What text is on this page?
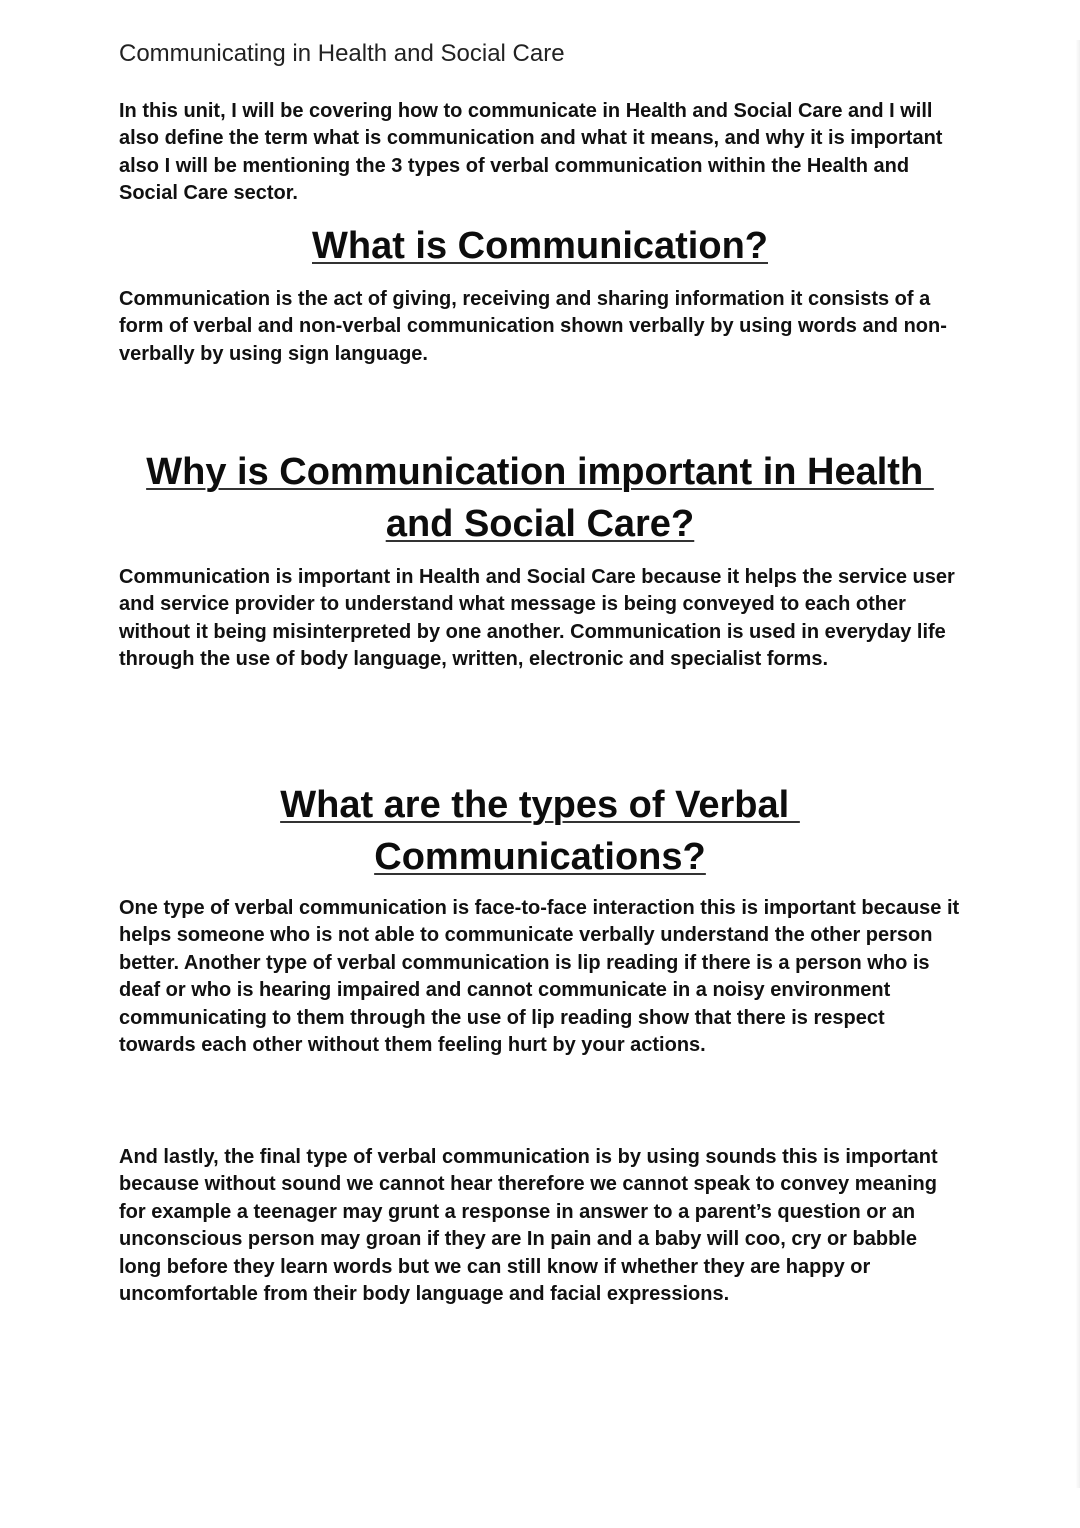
Communicating in Health and Social Care

In this unit, I will be covering how to communicate in Health and Social Care and I will also define the term what is communication and what it means, and why it is important also I will be mentioning the 3 types of verbal communication within the Health and Social Care sector.

What is Communication?

Communication is the act of giving, receiving and sharing information it consists of a form of verbal and non-verbal communication shown verbally by using words and non-verbally by using sign language.

Why is Communication important in Health
and Social Care?

Communication is important in Health and Social Care because it helps the service user and service provider to understand what message is being conveyed to each other without it being misinterpreted by one another. Communication is used in everyday life through the use of body language, written, electronic and specialist forms.

What are the types of Verbal
Communications?

One type of verbal communication is face-to-face interaction this is important because it helps someone who is not able to communicate verbally understand the other person better. Another type of verbal communication is lip reading if there is a person who is deaf or who is hearing impaired and cannot communicate in a noisy environment communicating to them through the use of lip reading show that there is respect towards each other without them feeling hurt by your actions.

And lastly, the final type of verbal communication is by using sounds this is important because without sound we cannot hear therefore we cannot speak to convey meaning for example a teenager may grunt a response in answer to a parent’s question or an unconscious person may groan if they are In pain and a baby will coo, cry or babble long before they learn words but we can still know if whether they are happy or uncomfortable from their body language and facial expressions.
